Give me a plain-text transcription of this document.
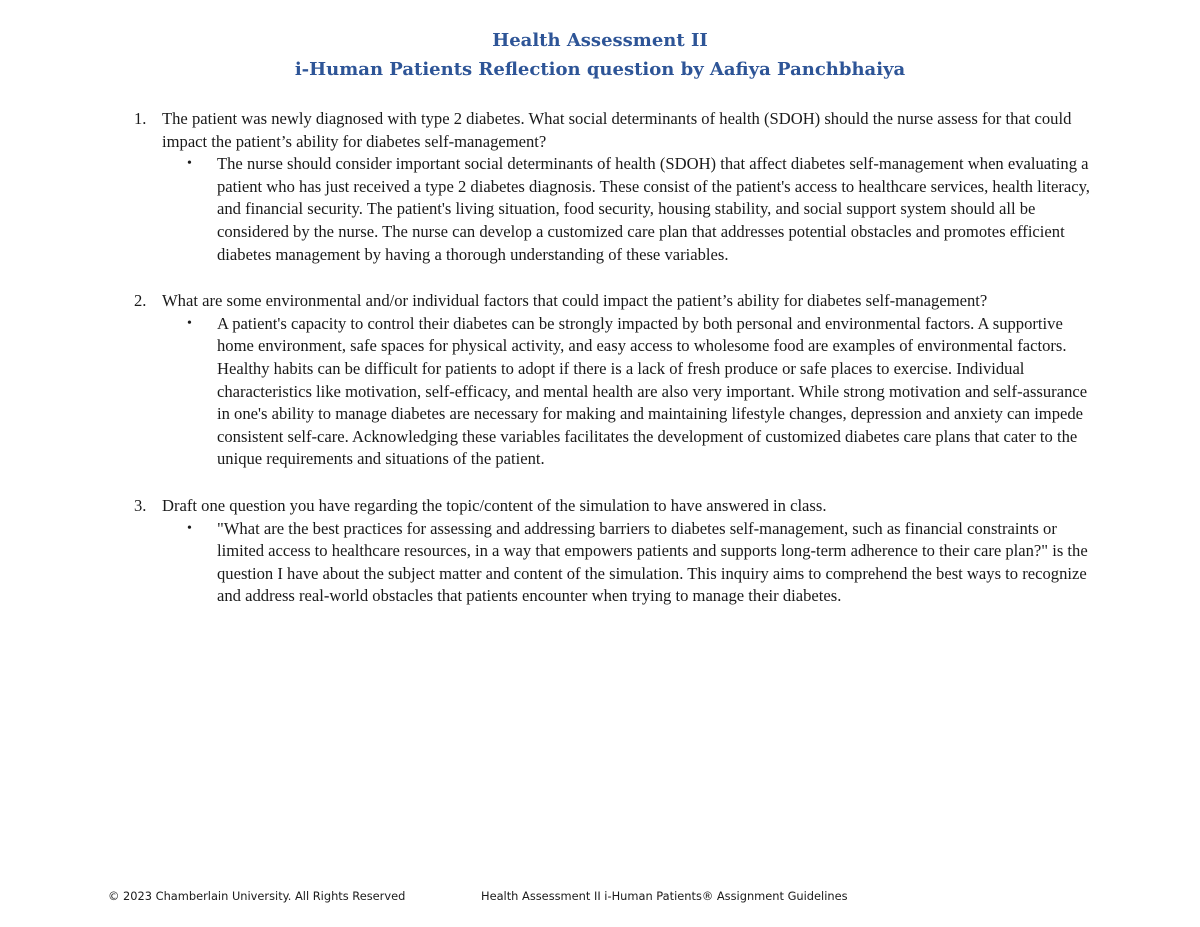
Health Assessment II

i-Human Patients Reflection question by Aafiya Panchbhaiya

1. The patient was newly diagnosed with type 2 diabetes. What social determinants of health (SDOH) should the nurse assess for that could impact the patient’s ability for diabetes self-management?
• The nurse should consider important social determinants of health (SDOH) that affect diabetes self-management when evaluating a patient who has just received a type 2 diabetes diagnosis. These consist of the patient's access to healthcare services, health literacy, and financial security. The patient's living situation, food security, housing stability, and social support system should all be considered by the nurse. The nurse can develop a customized care plan that addresses potential obstacles and promotes efficient diabetes management by having a thorough understanding of these variables.
2. What are some environmental and/or individual factors that could impact the patient’s ability for diabetes self-management?
• A patient's capacity to control their diabetes can be strongly impacted by both personal and environmental factors. A supportive home environment, safe spaces for physical activity, and easy access to wholesome food are examples of environmental factors. Healthy habits can be difficult for patients to adopt if there is a lack of fresh produce or safe places to exercise. Individual characteristics like motivation, self-efficacy, and mental health are also very important. While strong motivation and self-assurance in one's ability to manage diabetes are necessary for making and maintaining lifestyle changes, depression and anxiety can impede consistent self-care. Acknowledging these variables facilitates the development of customized diabetes care plans that cater to the unique requirements and situations of the patient.
3. Draft one question you have regarding the topic/content of the simulation to have answered in class.
• "What are the best practices for assessing and addressing barriers to diabetes self-management, such as financial constraints or limited access to healthcare resources, in a way that empowers patients and supports long-term adherence to their care plan?" is the question I have about the subject matter and content of the simulation. This inquiry aims to comprehend the best ways to recognize and address real-world obstacles that patients encounter when trying to manage their diabetes.
© 2023 Chamberlain University. All Rights Reserved	Health Assessment II i-Human Patients® Assignment Guidelines
